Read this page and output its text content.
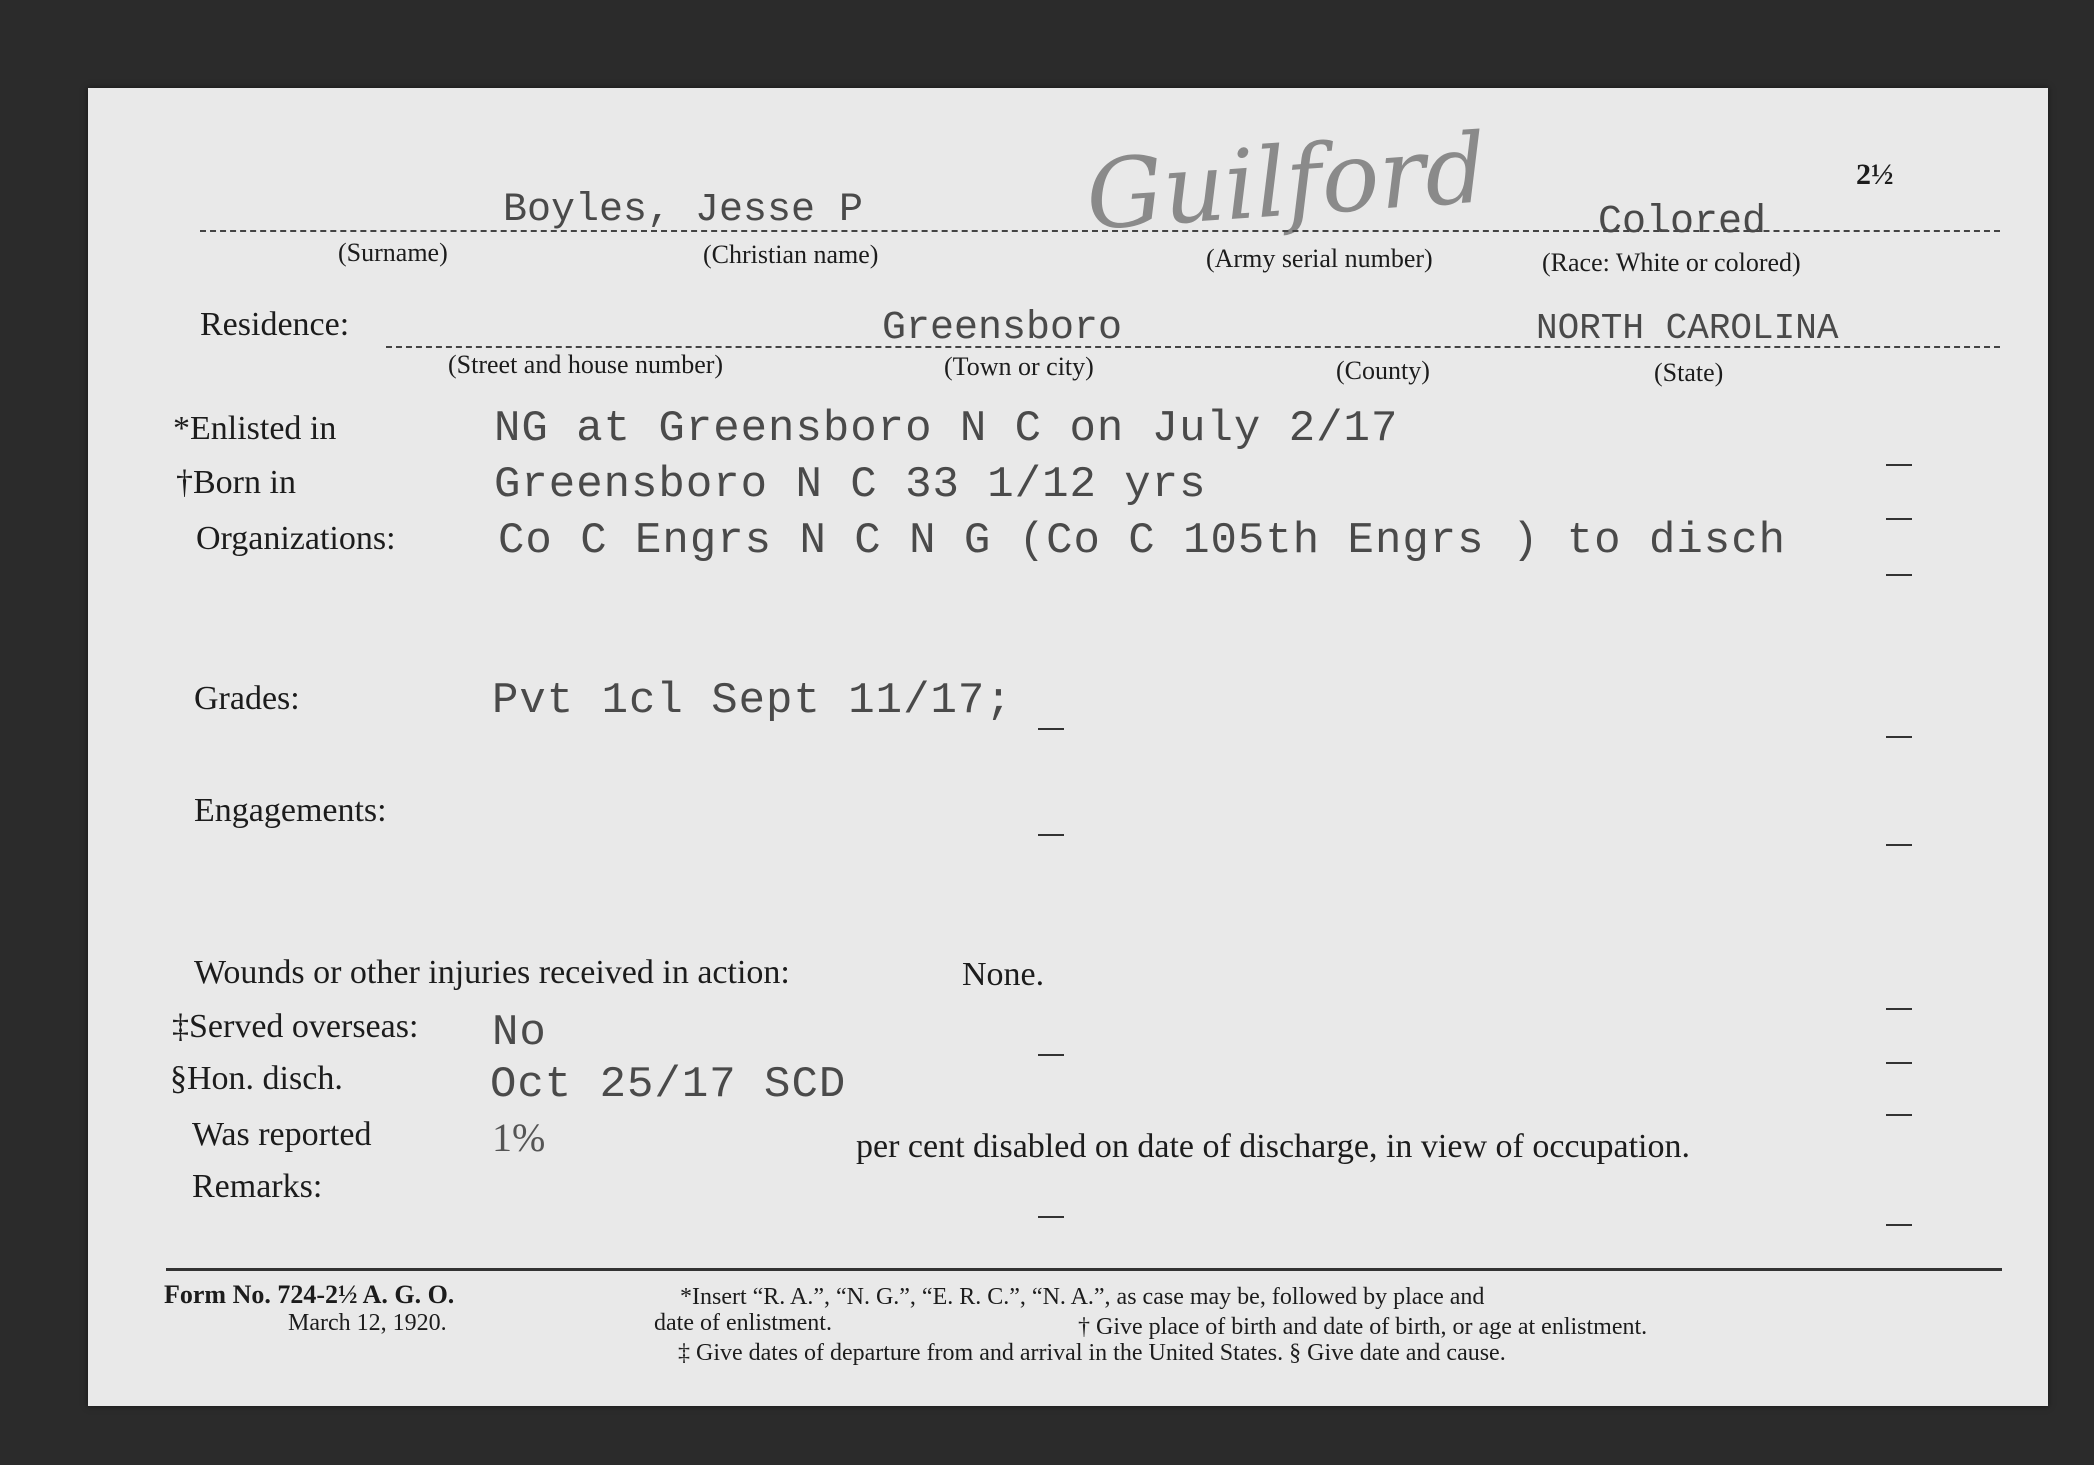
2½
Guilford
Boyles, Jesse P	Colored
(Surname)	(Christian name)	(Army serial number)	(Race: White or colored)
Residence:	Greensboro	NORTH CAROLINA
(Street and house number)	(Town or city)	(County)	(State)
*Enlisted in	NG at Greensboro N C on July 2/17
†Born in	Greensboro N C 33 1/12 yrs
Organizations: Co C Engrs N C N G (Co C 105th Engrs ) to disch
Grades:	Pvt 1cl Sept 11/17;
Engagements:
Wounds or other injuries received in action:	None.
‡Served overseas: No
§Hon. disch.	Oct 25/17 SCD
Was reported	1%	per cent disabled on date of discharge, in view of occupation.
Remarks:
Form No. 724-2½ A. G. O.
March 12, 1920.
*Insert “R. A.”, “N. G.”, “E. R. C.”, “N. A.”, as case may be, followed by place and
date of enlistment.	† Give place of birth and date of birth, or age at enlistment.
‡ Give dates of departure from and arrival in the United States. § Give date and cause.
